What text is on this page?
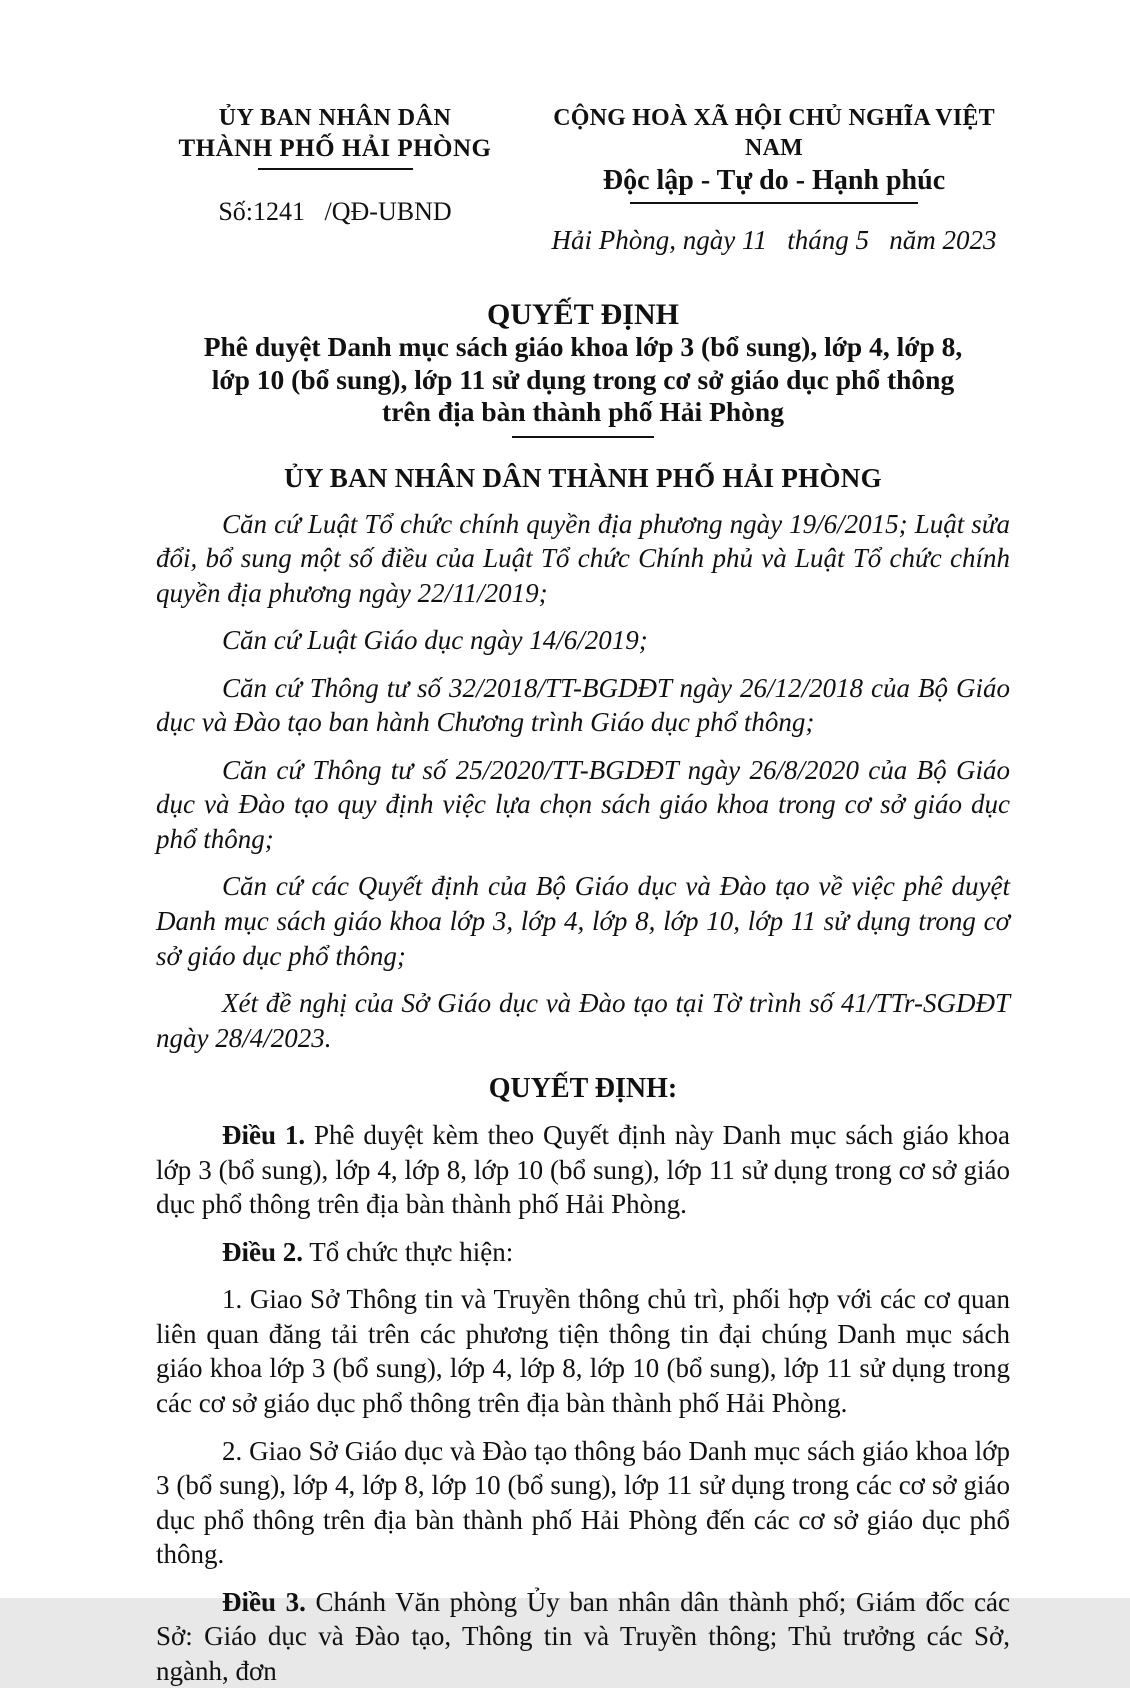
ỦY BAN NHÂN DÂN
THÀNH PHỐ HẢI PHÒNG
Số:1241   /QĐ-UBND
CỘNG HOÀ XÃ HỘI CHỦ NGHĨA VIỆT NAM
Độc lập - Tự do - Hạnh phúc
Hải Phòng, ngày 11   tháng 5   năm 2023
QUYẾT ĐỊNH
Phê duyệt Danh mục sách giáo khoa lớp 3 (bổ sung), lớp 4, lớp 8,
lớp 10 (bổ sung), lớp 11 sử dụng trong cơ sở giáo dục phổ thông
trên địa bàn thành phố Hải Phòng
ỦY BAN NHÂN DÂN THÀNH PHỐ HẢI PHÒNG

Căn cứ Luật Tổ chức chính quyền địa phương ngày 19/6/2015; Luật sửa đổi, bổ sung một số điều của Luật Tổ chức Chính phủ và Luật Tổ chức chính quyền địa phương ngày 22/11/2019;

Căn cứ Luật Giáo dục ngày 14/6/2019;

Căn cứ Thông tư số 32/2018/TT-BGDĐT ngày 26/12/2018 của Bộ Giáo dục và Đào tạo ban hành Chương trình Giáo dục phổ thông;

Căn cứ Thông tư số 25/2020/TT-BGDĐT ngày 26/8/2020 của Bộ Giáo dục và Đào tạo quy định việc lựa chọn sách giáo khoa trong cơ sở giáo dục phổ thông;

Căn cứ các Quyết định của Bộ Giáo dục và Đào tạo về việc phê duyệt Danh mục sách giáo khoa lớp 3, lớp 4, lớp 8, lớp 10, lớp 11 sử dụng trong cơ sở giáo dục phổ thông;

Xét đề nghị của Sở Giáo dục và Đào tạo tại Tờ trình số 41/TTr-SGDĐT ngày 28/4/2023.

QUYẾT ĐỊNH:

Điều 1. Phê duyệt kèm theo Quyết định này Danh mục sách giáo khoa lớp 3 (bổ sung), lớp 4, lớp 8, lớp 10 (bổ sung), lớp 11 sử dụng trong cơ sở giáo dục phổ thông trên địa bàn thành phố Hải Phòng.

Điều 2. Tổ chức thực hiện:

1. Giao Sở Thông tin và Truyền thông chủ trì, phối hợp với các cơ quan liên quan đăng tải trên các phương tiện thông tin đại chúng Danh mục sách giáo khoa lớp 3 (bổ sung), lớp 4, lớp 8, lớp 10 (bổ sung), lớp 11 sử dụng trong các cơ sở giáo dục phổ thông trên địa bàn thành phố Hải Phòng.

2. Giao Sở Giáo dục và Đào tạo thông báo Danh mục sách giáo khoa lớp 3 (bổ sung), lớp 4, lớp 8, lớp 10 (bổ sung), lớp 11 sử dụng trong các cơ sở giáo dục phổ thông trên địa bàn thành phố Hải Phòng đến các cơ sở giáo dục phổ thông.

Điều 3. Chánh Văn phòng Ủy ban nhân dân thành phố; Giám đốc các Sở: Giáo dục và Đào tạo, Thông tin và Truyền thông; Thủ trưởng các Sở, ngành, đơn
